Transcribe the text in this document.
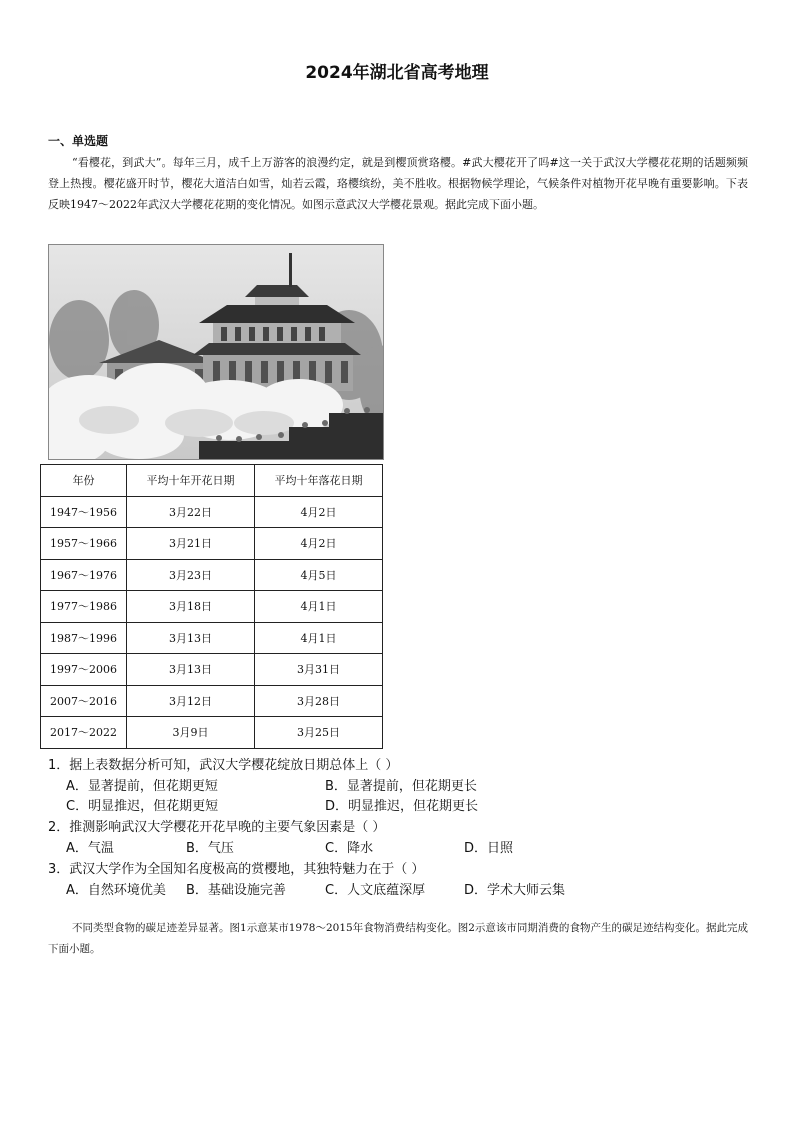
2024年湖北省高考地理
一、单选题
“看樱花，到武大”。每年三月，成千上万游客的浪漫约定，就是到樱顶赏珞樱。#武大樱花开了吗#这一关于武汉大学樱花花期的话题频频登上热搜。樱花盛开时节，樱花大道洁白如雪，灿若云霞，珞樱缤纷，美不胜收。根据物候学理论，气候条件对植物开花早晚有重要影响。下表反映1947～2022年武汉大学樱花花期的变化情况。如图示意武汉大学樱花景观。据此完成下面小题。
年份	平均十年开花日期	平均十年落花日期
1947～1956	3月22日	4月2日
1957～1966	3月21日	4月2日
1967～1976	3月23日	4月5日
1977～1986	3月18日	4月1日
1987～1996	3月13日	4月1日
1997～2006	3月13日	3月31日
2007～2016	3月12日	3月28日
2017～2022	3月9日	3月25日
1．据上表数据分析可知，武汉大学樱花绽放日期总体上（ ）
A．显著提前，但花期更短	B．显著提前，但花期更长
C．明显推迟，但花期更短	D．明显推迟，但花期更长
2．推测影响武汉大学樱花开花早晚的主要气象因素是（ ）
A．气温	B．气压	C．降水	D．日照
3．武汉大学作为全国知名度极高的赏樱地，其独特魅力在于（ ）
A．自然环境优美 B．基础设施完善	C．人文底蕴深厚	D．学术大师云集
不同类型食物的碳足迹差异显著。图1示意某市1978～2015年食物消费结构变化。图2示意该市同期消费的食物产生的碳足迹结构变化。据此完成下面小题。
